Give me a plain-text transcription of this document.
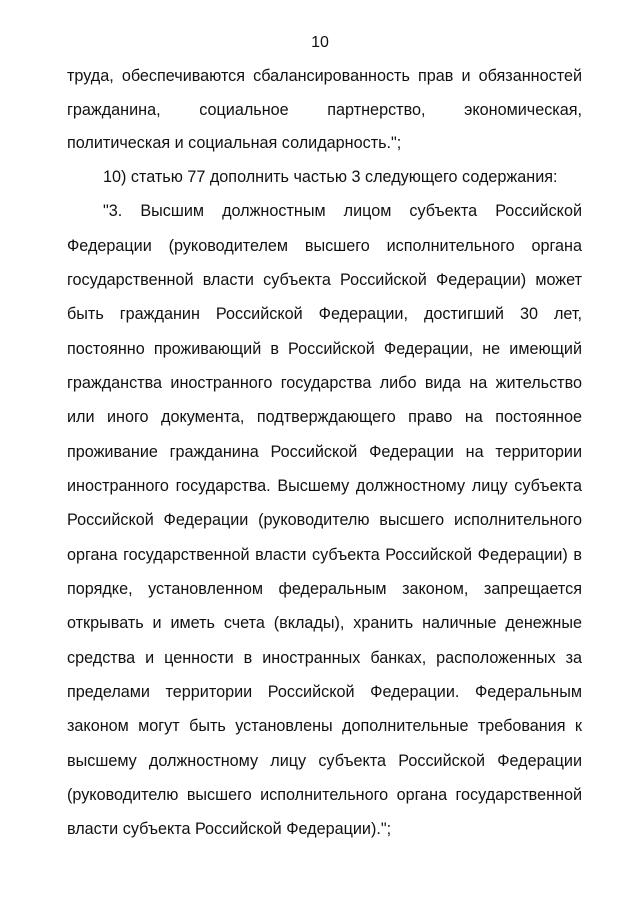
10
труда, обеспечиваются сбалансированность прав и обязанностей
гражданина, социальное партнерство, экономическая,
политическая и социальная солидарность.";
10) статью 77 дополнить частью 3 следующего содержания:
"3. Высшим должностным лицом субъекта Российской
Федерации (руководителем высшего исполнительного органа
государственной власти субъекта Российской Федерации) может
быть гражданин Российской Федерации, достигший 30 лет,
постоянно проживающий в Российской Федерации, не имеющий
гражданства иностранного государства либо вида на жительство
или иного документа, подтверждающего право на постоянное
проживание гражданина Российской Федерации на территории
иностранного государства. Высшему должностному лицу субъекта
Российской Федерации (руководителю высшего исполнительного
органа государственной власти субъекта Российской Федерации) в
порядке, установленном федеральным законом, запрещается
открывать и иметь счета (вклады), хранить наличные денежные
средства и ценности в иностранных банках, расположенных за
пределами территории Российской Федерации. Федеральным
законом могут быть установлены дополнительные требования к
высшему должностному лицу субъекта Российской Федерации
(руководителю высшего исполнительного органа государственной
власти субъекта Российской Федерации).";
